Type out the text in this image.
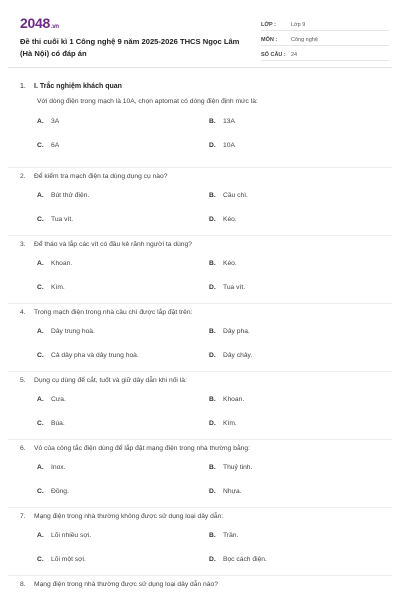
2048.vn
Đề thi cuối kì 1 Công nghệ 9 năm 2025-2026 THCS Ngọc Lâm (Hà Nội) có đáp án
LỚP :	Lớp 9
MÔN :	Công nghệ
SỐ CÂU : 24
1.	I. Trắc nghiệm khách quan
Với dòng điện trong mạch là 10A, chọn aptomat có dòng điện định mức là:
A.	3A	B.	13A
C.	6A	D.	10A
2.	Để kiểm tra mạch điện ta dùng dụng cụ nào?
A.	Bút thử điện.	B.	Cầu chì.
C.	Tua vít.	D.	Kéo.
3.	Để tháo và lắp các vít có đầu kẻ rãnh người ta dùng?
A.	Khoan.	B.	Kéo.
C.	Kìm.	D.	Tua vít.
4.	Trong mạch điện trong nhà cầu chì được lắp đặt trên:
A.	Dây trung hoà.	B.	Dây pha.
C.	Cả dây pha và dây trung hoà.	D.	Dây chảy.
5.	Dụng cụ dùng để cắt, tuốt và giữ dây dẫn khi nối là:
A.	Cưa.	B.	Khoan.
C.	Búa.	D.	Kìm.
6.	Vỏ của công tắc điện dùng để lắp đặt mạng điện trong nhà thường bằng:
A.	Inox.	B.	Thuỷ tinh.
C.	Đồng.	D.	Nhựa.
7.	Mạng điện trong nhà thường không được sử dụng loại dây dẫn:
A.	Lõi nhiều sợi.	B.	Trần.
C.	Lõi một sợi.	D.	Bọc cách điện.
8.	Mạng điện trong nhà thường được sử dụng loại dây dẫn nào?
